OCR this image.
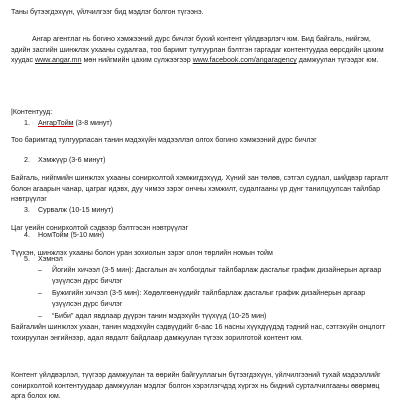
Таны бүтээгдэхүүн, үйлчилгээг бид мэдлэг болгон түгээнэ.

Ангар агентлаг нь богино хэмжээний дүрс бичлэг бүхий контент үйлдвэрлэгч юм. Бид байгаль, нийгэм, эдийн засгийн шинжлэх ухааны судалгаа, тоо баримт тулгуурлан бэлтгэн гаргадаг контентуудаа өөрсдийн цахим хуудас www.angar.mn мөн нийгмийн цахим сүлжээгээр www.facebook.com/angaragency дамжуулан түгээдэг юм.

|Контентууд:

1. АнгарТойм (3-8 минут)

Тоо баримтад тулгуурласан танин мэдэхүйн мэдээллэл олгох богино хэмжээний дүрс бичлэг

2. Хэмжүүр (3-6 минут)

Байгаль, нийгмийн шинжлэх ухааны сонирхолтой хэмжигдэхүүд. Хүний зан төлөв, сэтгэл судлал, шийдвэр гаргалт болон агаарын чанар, цаграг идэвх, дуу чимээ зэрэг ончны хэмжилт, судалгааны үр дүнг танилцуулсан тайлбар нэвтрүүлэг

3. Сурвалж (10-15 минут)

Цаг үеийн сонирхолтой сэдвээр бэлтгэсэн нэвтрүүлэг

4. НомТойм (5-10 мин)

Түүхэн, шинжлэх ухааны болон уран зохиолын зэрэг олон төрлийн номын тойм

5. Хэмнэл
–	Йогийн хичээл (3-5 мин): Дасгалын ач холбогдлыг тайлбарлаж дасгалыг график дизайнерын аргаар үзүүлсэн дүрс бичлэг
–	Бужигийн хичээл (3-5 мин): Хөдөлгөөнүүдийг тайлбарлаж дасгалыг график дизайнерын аргаар үзүүлсэн дүрс бичлэг
–	“Биби” адал явдлаар дүүрэн танин мэдэхүйн түүхүүд (10-25 мин)

Байгалийн шинжлэх ухаан, танин мэдэхүйн сэдвүүдийг 6-аас 16 насны хүүхдүүдэд тэдний нас, сэтгэхүйн онцлогт тохируулан энгийнээр, адал явдалт байдлаар дамжуулан түгээх зорилготой контент юм.

Контент үйлдвэрлэл, түүгээр дамжуулан та өөрийн байгууллагын бүтээгдэхүүн, үйлчилгээний тухай мэдээллийг сонирхолтой контентуудаар дамжуулан мэдлэг болгон хэрэглэгчдэд хүргэх нь бидний сурталчилгааны өвөрмөц арга болох юм.
